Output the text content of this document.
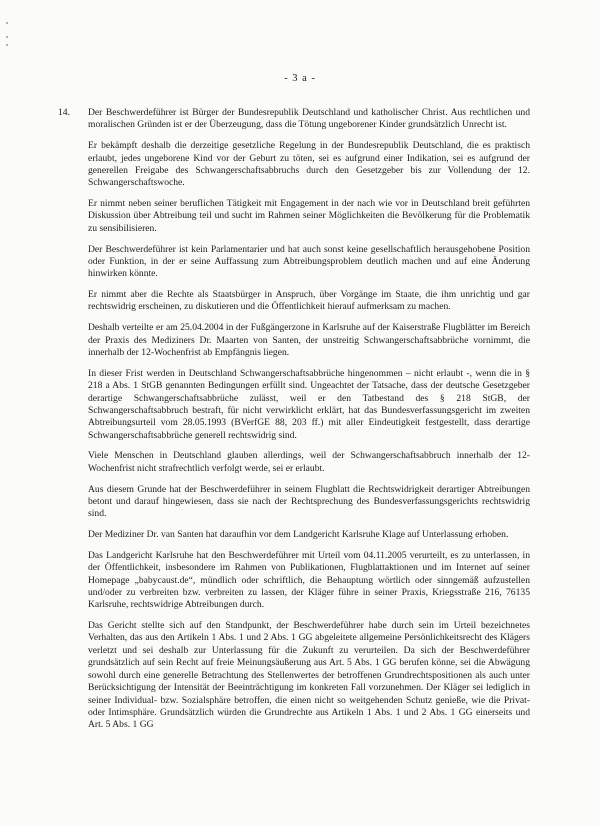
- 3 a -

14. Der Beschwerdeführer ist Bürger der Bundesrepublik Deutschland und katholischer Christ. Aus rechtlichen und moralischen Gründen ist er der Überzeugung, dass die Tötung ungeborener Kinder grundsätzlich Unrecht ist.

Er bekämpft deshalb die derzeitige gesetzliche Regelung in der Bundesrepublik Deutschland, die es praktisch erlaubt, jedes ungeborene Kind vor der Geburt zu töten, sei es aufgrund einer Indikation, sei es aufgrund der generellen Freigabe des Schwangerschaftsabbruchs durch den Gesetzgeber bis zur Vollendung der 12. Schwangerschaftswoche.

Er nimmt neben seiner beruflichen Tätigkeit mit Engagement in der nach wie vor in Deutschland breit geführten Diskussion über Abtreibung teil und sucht im Rahmen seiner Möglichkeiten die Bevölkerung für die Problematik zu sensibilisieren.

Der Beschwerdeführer ist kein Parlamentarier und hat auch sonst keine gesellschaftlich herausgehobene Position oder Funktion, in der er seine Auffassung zum Abtreibungsproblem deutlich machen und auf eine Änderung hinwirken könnte.

Er nimmt aber die Rechte als Staatsbürger in Anspruch, über Vorgänge im Staate, die ihm unrichtig und gar rechtswidrig erscheinen, zu diskutieren und die Öffentlichkeit hierauf aufmerksam zu machen.

Deshalb verteilte er am 25.04.2004 in der Fußgängerzone in Karlsruhe auf der Kaiserstraße Flugblätter im Bereich der Praxis des Mediziners Dr. Maarten von Santen, der unstreitig Schwangerschaftsabbrüche vornimmt, die innerhalb der 12-Wochenfrist ab Empfängnis liegen.

In dieser Frist werden in Deutschland Schwangerschaftsabbrüche hingenommen – nicht erlaubt -, wenn die in § 218 a Abs. 1 StGB genannten Bedingungen erfüllt sind. Ungeachtet der Tatsache, dass der deutsche Gesetzgeber derartige Schwangerschaftsabbrüche zulässt, weil er den Tatbestand des § 218 StGB, der Schwangerschaftsabbruch bestraft, für nicht verwirklicht erklärt, hat das Bundesverfassungsgericht im zweiten Abtreibungsurteil vom 28.05.1993 (BVerfGE 88, 203 ff.) mit aller Eindeutigkeit festgestellt, dass derartige Schwangerschaftsabbrüche generell rechtswidrig sind.

Viele Menschen in Deutschland glauben allerdings, weil der Schwangerschaftsabbruch innerhalb der 12-Wochenfrist nicht strafrechtlich verfolgt werde, sei er erlaubt.

Aus diesem Grunde hat der Beschwerdeführer in seinem Flugblatt die Rechtswidrigkeit derartiger Abtreibungen betont und darauf hingewiesen, dass sie nach der Rechtsprechung des Bundesverfassungsgerichts rechtswidrig sind.

Der Mediziner Dr. van Santen hat daraufhin vor dem Landgericht Karlsruhe Klage auf Unterlassung erhoben.

Das Landgericht Karlsruhe hat den Beschwerdeführer mit Urteil vom 04.11.2005 verurteilt, es zu unterlassen, in der Öffentlichkeit, insbesondere im Rahmen von Publikationen, Flugblattaktionen und im Internet auf seiner Homepage „babycaust.de“, mündlich oder schriftlich, die Behauptung wörtlich oder sinngemäß aufzustellen und/oder zu verbreiten bzw. verbreiten zu lassen, der Kläger führe in seiner Praxis, Kriegsstraße 216, 76135 Karlsruhe, rechtswidrige Abtreibungen durch.

Das Gericht stellte sich auf den Standpunkt, der Beschwerdeführer habe durch sein im Urteil bezeichnetes Verhalten, das aus den Artikeln 1 Abs. 1 und 2 Abs. 1 GG abgeleitete allgemeine Persönlichkeitsrecht des Klägers verletzt und sei deshalb zur Unterlassung für die Zukunft zu verurteilen. Da sich der Beschwerdeführer grundsätzlich auf sein Recht auf freie Meinungsäußerung aus Art. 5 Abs. 1 GG berufen könne, sei die Abwägung sowohl durch eine generelle Betrachtung des Stellenwertes der betroffenen Grundrechtspositionen als auch unter Berücksichtigung der Intensität der Beeinträchtigung im konkreten Fall vorzunehmen. Der Kläger sei lediglich in seiner Individual- bzw. Sozialsphäre betroffen, die einen nicht so weitgehenden Schutz genieße, wie die Privat- oder Intimsphäre. Grundsätzlich würden die Grundrechte aus Artikeln 1 Abs. 1 und 2 Abs. 1 GG einerseits und Art. 5 Abs. 1 GG
